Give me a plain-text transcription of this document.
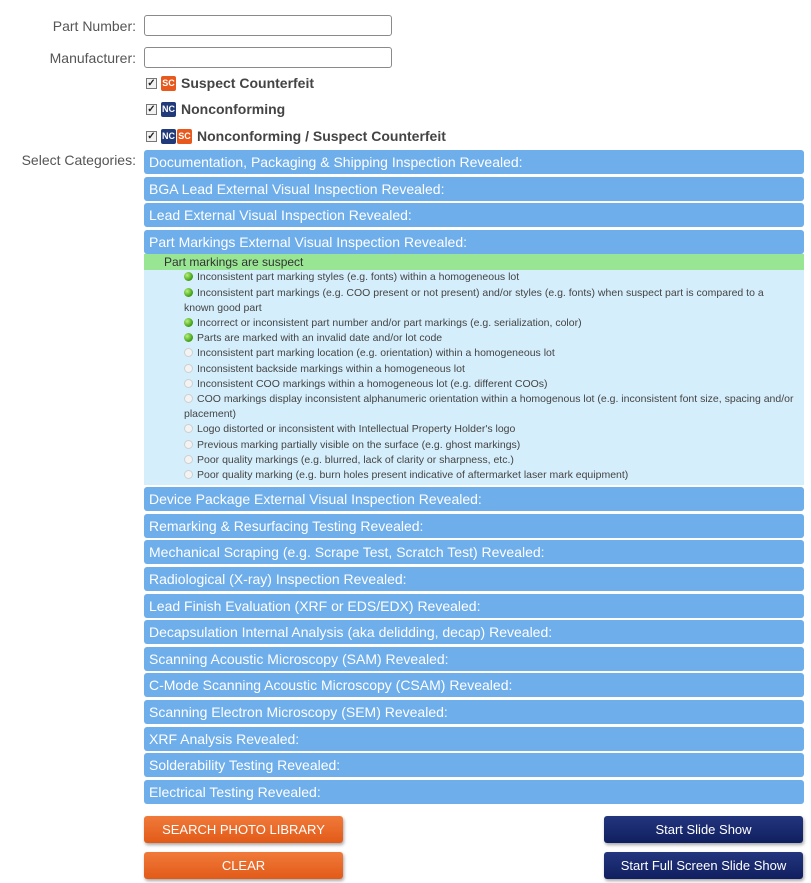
Part Number:
Manufacturer:
✓ SC Suspect Counterfeit
✓ NC Nonconforming
✓ NC SC Nonconforming / Suspect Counterfeit
Select Categories: Documentation, Packaging & Shipping Inspection Revealed:
BGA Lead External Visual Inspection Revealed:
Lead External Visual Inspection Revealed:
Part Markings External Visual Inspection Revealed:
Part markings are suspect
Inconsistent part marking styles (e.g. fonts) within a homogeneous lot
Inconsistent part markings (e.g. COO present or not present) and/or styles (e.g. fonts) when suspect part is compared to a known good part
Incorrect or inconsistent part number and/or part markings (e.g. serialization, color)
Parts are marked with an invalid date and/or lot code
Inconsistent part marking location (e.g. orientation) within a homogeneous lot
Inconsistent backside markings within a homogeneous lot
Inconsistent COO markings within a homogeneous lot (e.g. different COOs)
COO markings display inconsistent alphanumeric orientation within a homogenous lot (e.g. inconsistent font size, spacing and/or placement)
Logo distorted or inconsistent with Intellectual Property Holder's logo
Previous marking partially visible on the surface (e.g. ghost markings)
Poor quality markings (e.g. blurred, lack of clarity or sharpness, etc.)
Poor quality marking (e.g. burn holes present indicative of aftermarket laser mark equipment)
Device Package External Visual Inspection Revealed:
Remarking & Resurfacing Testing Revealed:
Mechanical Scraping (e.g. Scrape Test, Scratch Test) Revealed:
Radiological (X-ray) Inspection Revealed:
Lead Finish Evaluation (XRF or EDS/EDX) Revealed:
Decapsulation Internal Analysis (aka delidding, decap) Revealed:
Scanning Acoustic Microscopy (SAM) Revealed:
C-Mode Scanning Acoustic Microscopy (CSAM) Revealed:
Scanning Electron Microscopy (SEM) Revealed:
XRF Analysis Revealed:
Solderability Testing Revealed:
Electrical Testing Revealed:
SEARCH PHOTO LIBRARY
CLEAR
Start Slide Show
Start Full Screen Slide Show
